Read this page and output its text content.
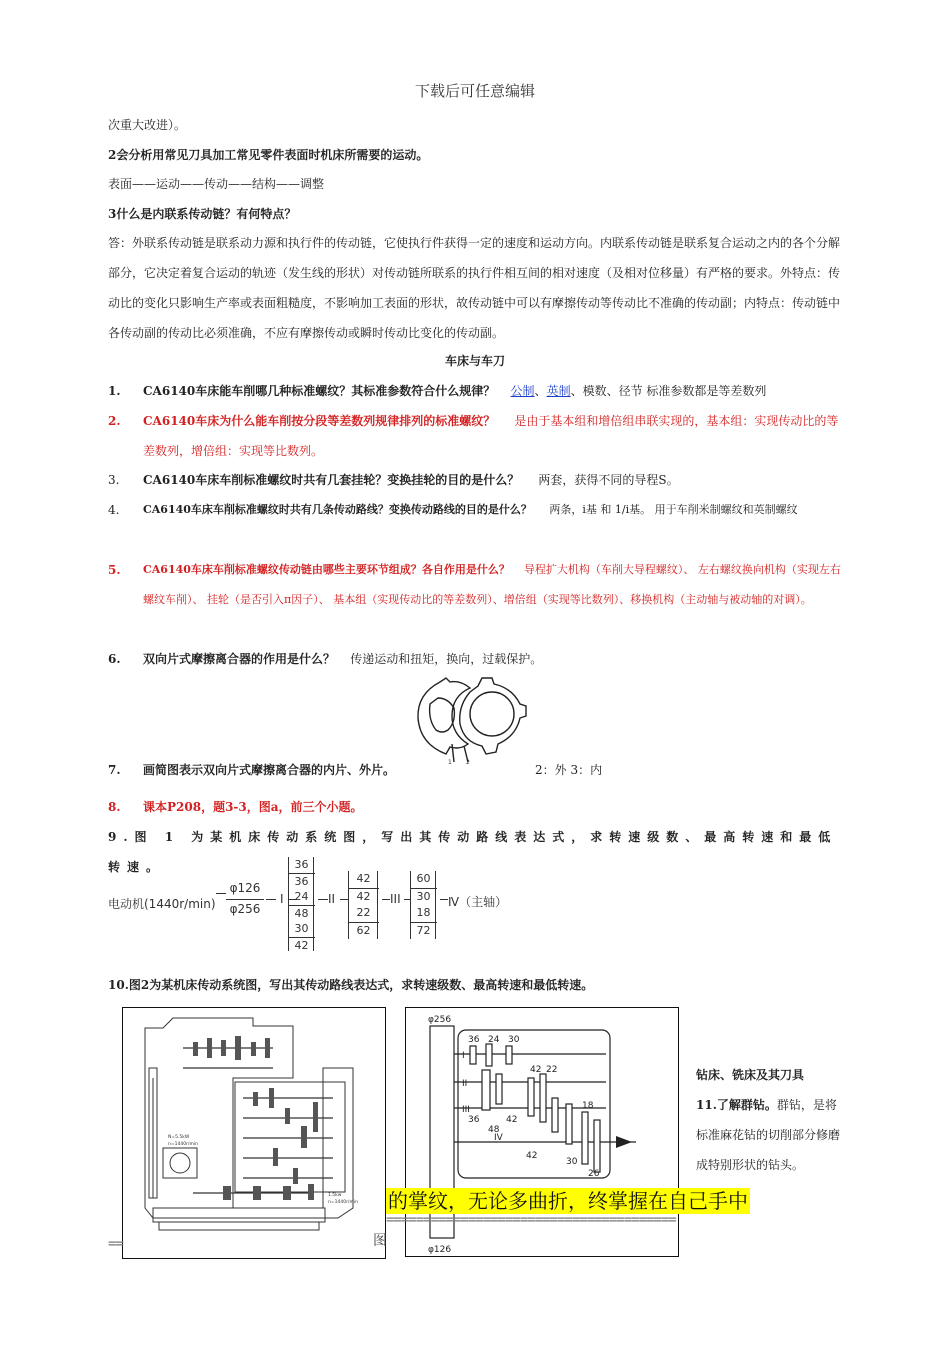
下载后可任意编辑
次重大改进）。
2会分析用常见刀具加工常见零件表面时机床所需要的运动。
表面——运动——传动——结构——调整
3什么是内联系传动链？有何特点？
答：外联系传动链是联系动力源和执行件的传动链，它使执行件获得一定的速度和运动方向。内联系传动链是联系复合运动之内的各个分解部分，它决定着复合运动的轨迹（发生线的形状）对传动链所联系的执行件相互间的相对速度（及相对位移量）有严格的要求。外特点：传动比的变化只影响生产率或表面粗糙度，不影响加工表面的形状，故传动链中可以有摩擦传动等传动比不准确的传动副；内特点：传动链中各传动副的传动比必须准确，不应有摩擦传动或瞬时传动比变化的传动副。
车床与车刀
1. CA6140车床能车削哪几种标准螺纹？其标准参数符合什么规律？ 公制、英制、模数、径节 标准参数都是等差数列
2. CA6140车床为什么能车削按分段等差数列规律排列的标准螺纹？ 是由于基本组和增倍组串联实现的，基本组：实现传动比的等差数列，增倍组：实现等比数列。
3. CA6140车床车削标准螺纹时共有几套挂轮？变换挂轮的目的是什么？ 两套，获得不同的导程S。
4. CA6140车床车削标准螺纹时共有几条传动路线？变换传动路线的目的是什么？ 两条，i基 和 1/i基。 用于车削米制螺纹和英制螺纹
5. CA6140车床车削标准螺纹传动链由哪些主要环节组成？各自作用是什么？ 导程扩大机构（车削大导程螺纹）、 左右螺纹换向机构（实现左右螺纹车削）、 挂轮（是否引入π因子）、 基本组（实现传动比的等差数列）、增倍组（实现等比数列）、移换机构（主动轴与被动轴的对调）。
6. 双向片式摩擦离合器的作用是什么？ 传递运动和扭矩，换向，过载保护。
1 2
7. 画简图表示双向片式摩擦离合器的内片、外片。	2：外 3：内
8. 课本P208，题3-3，图a，前三个小题。
9.图 1 为某机床传动系统图，写出其传动路线表达式，求转速级数、最高转速和最低转速。
电动机(1440r/min)
φ126
φ256
I
36
36
24
48
30
42
II
42
42
22
62
III
60
30
18
72
Ⅳ（主轴）
10.图2为某机床传动系统图，写出其传动路线表达式，求转速级数、最高转速和最低转速。
N=5.5kW
n=1440r/min
1.5kw
n=1440r/min
φ256
φ126
I
II
III
IV
36 24 30
42 22
36	42
48
42
18
30
26
钻床、铣床及其刀具
11.了解群钻。群钻，是将标准麻花钻的切削部分修磨成特别形状的钻头。
的掌纹，无论多曲折，终掌握在自己手中
=======================================
==	图
